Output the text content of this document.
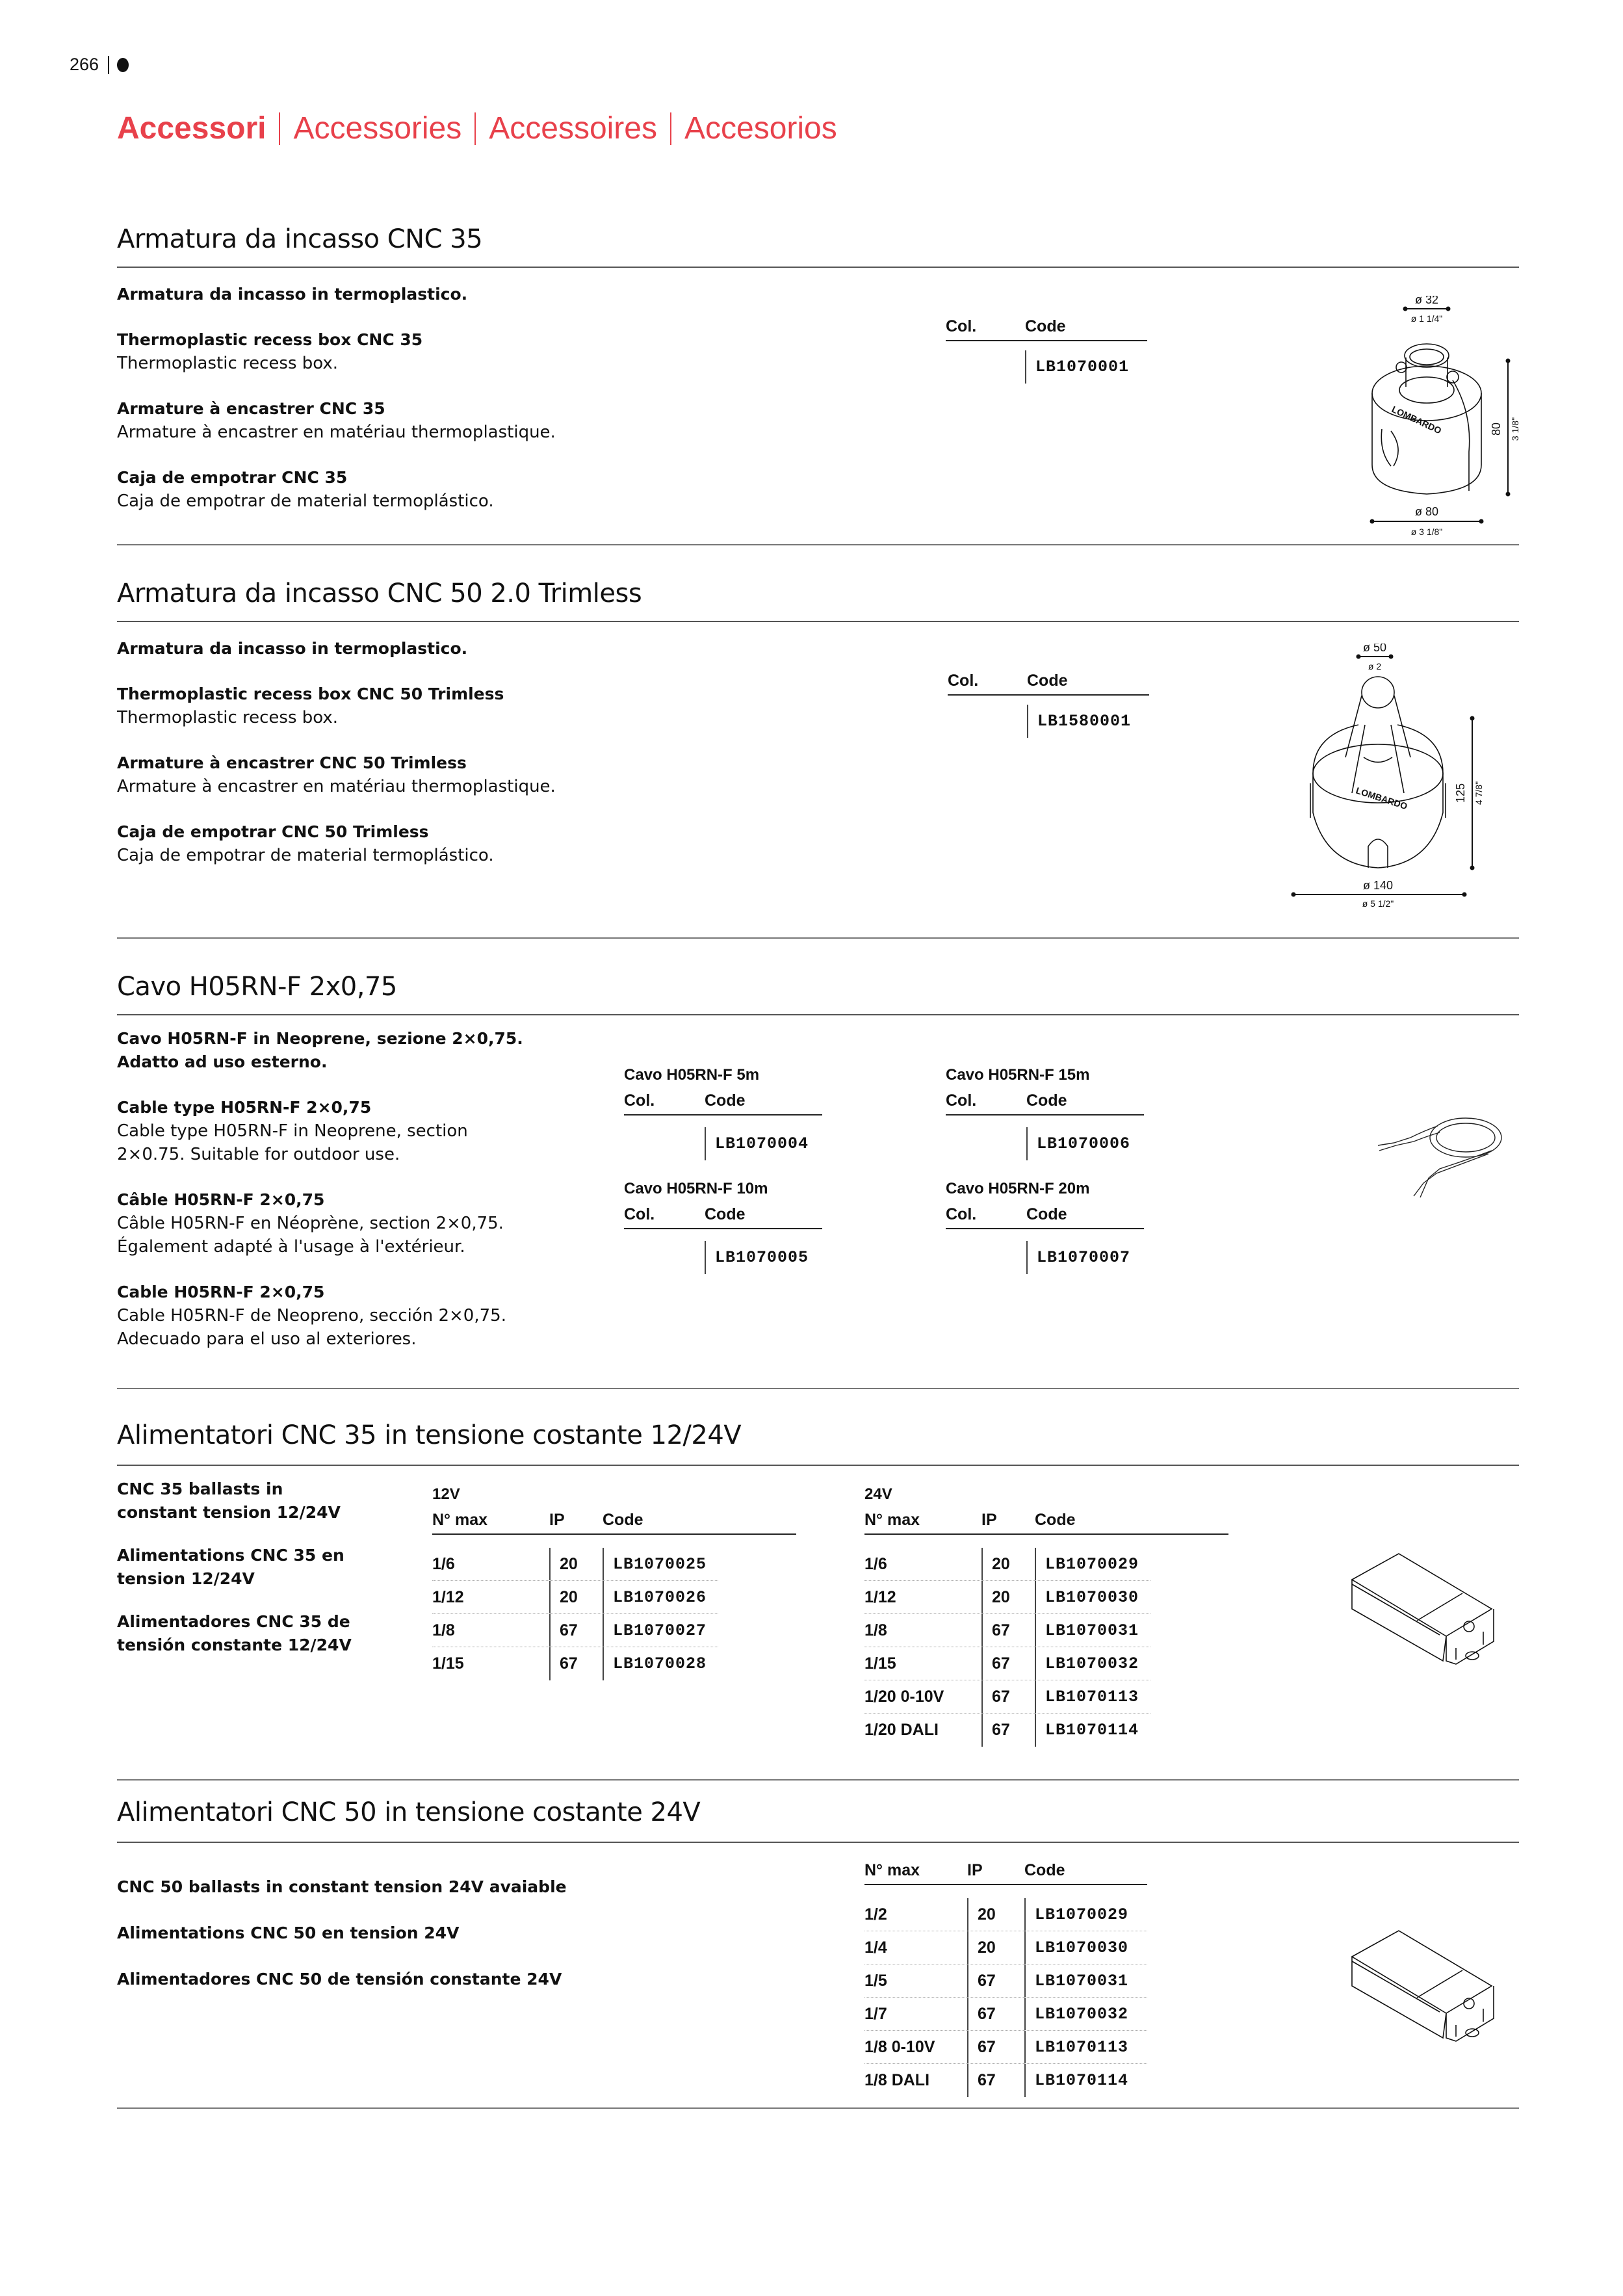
266
Accessori Accessories Accessoires Accesorios
Armatura da incasso CNC 35

Armatura da incasso in termoplastico.

Thermoplastic recess box CNC 35

Thermoplastic recess box.

Armature à encastrer CNC 35

Armature à encastrer en matériau thermoplastique.

Caja de empotrar CNC 35

Caja de empotrar de material termoplástico.

Col.	Code
LB1070001
ø 32
ø 1 1/4"
LOMBARDO	80 3 1/8"
ø 80
ø 3 1/8"
Armatura da incasso CNC 50 2.0 Trimless

Armatura da incasso in termoplastico.

Thermoplastic recess box CNC 50 Trimless

Thermoplastic recess box.

Armature à encastrer CNC 50 Trimless

Armature à encastrer en matériau thermoplastique.

Caja de empotrar CNC 50 Trimless

Caja de empotrar de material termoplástico.

Col.	Code
LB1580001
ø 50
ø 2
LOMBARDO	125 4 7/8"
ø 140
ø 5 1/2"
Cavo H05RN-F 2x0,75

Cavo H05RN-F in Neoprene, sezione 2×0,75.

Adatto ad uso esterno.

Cable type H05RN-F 2×0,75

Cable type H05RN-F in Neoprene, section

2×0.75. Suitable for outdoor use.

Câble H05RN-F 2×0,75

Câble H05RN-F en Néoprène, section 2×0,75.

Également adapté à l'usage à l'extérieur.

Cable H05RN-F 2×0,75

Cable H05RN-F de Neopreno, sección 2×0,75.

Adecuado para el uso al exteriores.

Cavo H05RN-F 5m
Col.	Code
LB1070004
Cavo H05RN-F 15m
Col.	Code
LB1070006
Cavo H05RN-F 10m
Col.	Code
LB1070005
Cavo H05RN-F 20m
Col.	Code
LB1070007
Alimentatori CNC 35 in tensione costante 12/24V

CNC 35 ballasts in

constant tension 12/24V

Alimentations CNC 35 en

tension 12/24V

Alimentadores CNC 35 de

tensión constante 12/24V

12V
N° max	IP	Code
1/6	20	LB1070025
1/12	20	LB1070026
1/8	67	LB1070027
1/15	67	LB1070028
24V
N° max	IP	Code
1/6	20	LB1070029
1/12	20	LB1070030
1/8	67	LB1070031
1/15	67	LB1070032
1/20 0-10V	67	LB1070113
1/20 DALI	67	LB1070114
Alimentatori CNC 50 in tensione costante 24V

CNC 50 ballasts in constant tension 24V avaiable

Alimentations CNC 50 en tension 24V

Alimentadores CNC 50 de tensión constante 24V

N° max	IP	Code
1/2	20	LB1070029
1/4	20	LB1070030
1/5	67	LB1070031
1/7	67	LB1070032
1/8 0-10V	67	LB1070113
1/8 DALI	67	LB1070114
